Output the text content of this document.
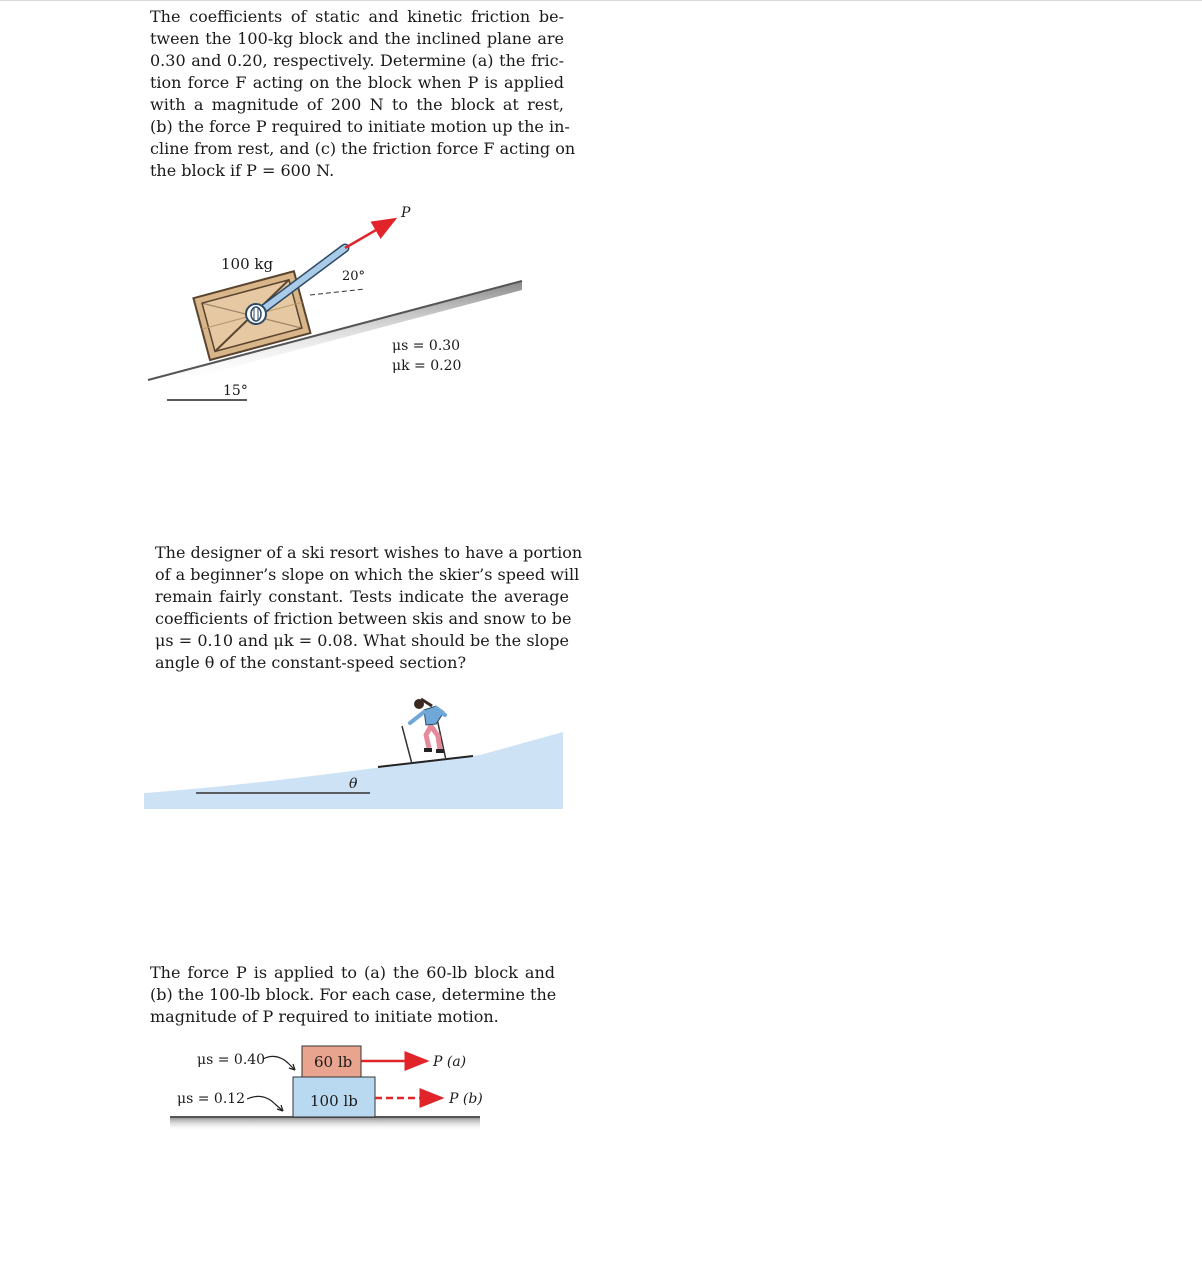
The coefficients of static and kinetic friction be-
tween the 100-kg block and the inclined plane are
0.30 and 0.20, respectively. Determine (a) the fric-
tion force F acting on the block when P is applied
with a magnitude of 200 N to the block at rest,
(b) the force P required to initiate motion up the in-
cline from rest, and (c) the friction force F acting on
the block if P = 600 N.
15°
20°
P
100 kg
μs = 0.30
μk = 0.20
The designer of a ski resort wishes to have a portion
of a beginner’s slope on which the skier’s speed will
remain fairly constant. Tests indicate the average
coefficients of friction between skis and snow to be
μs = 0.10 and μk = 0.08. What should be the slope
angle θ of the constant-speed section?
θ
The force P is applied to (a) the 60-lb block and
(b) the 100-lb block. For each case, determine the
magnitude of P required to initiate motion.
100 lb
60 lb
μs = 0.40
μs = 0.12
P (a)
P (b)
